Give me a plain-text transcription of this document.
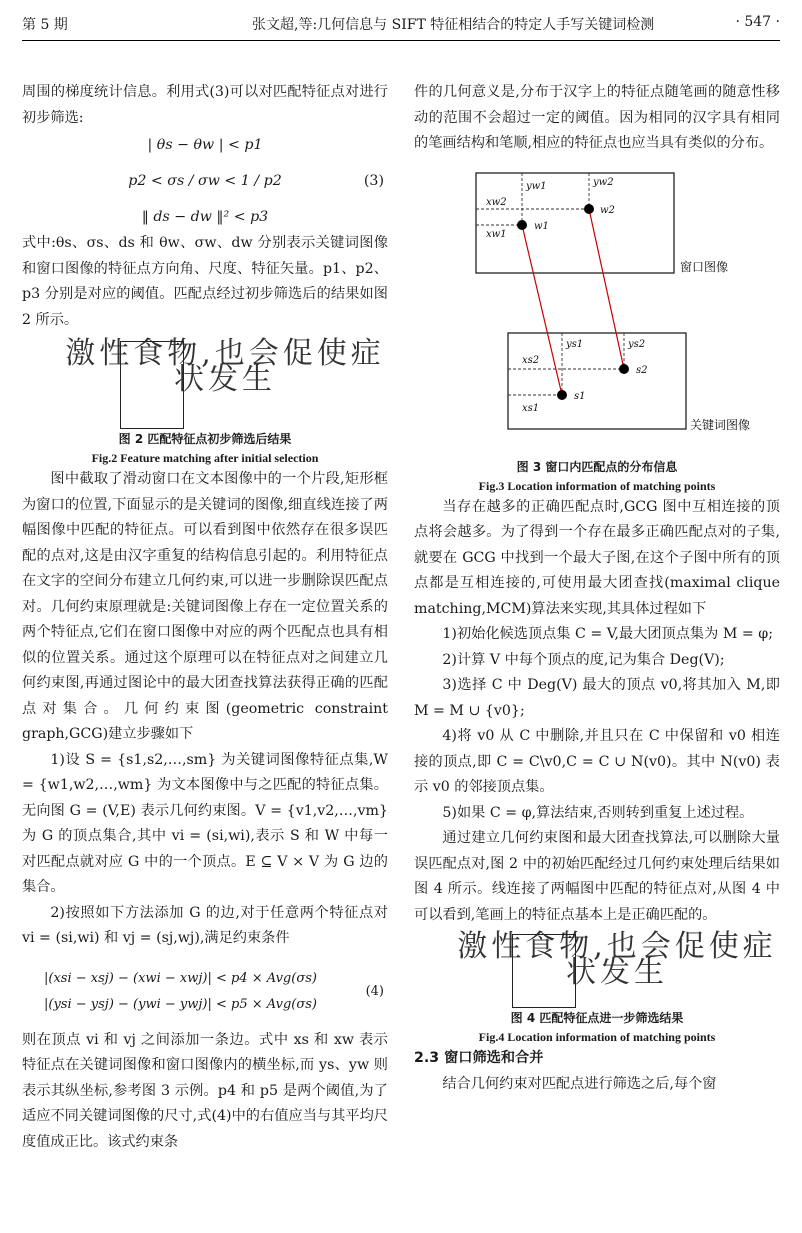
第 5 期	张文超,等:几何信息与 SIFT 特征相结合的特定人手写关键词检测	· 547 ·

周围的梯度统计信息。利用式(3)可以对匹配特征点对进行初步筛选:

| θs − θw | < p1
p2 < σs / σw < 1 / p2
‖ ds − dw ‖² < p3
(3)

式中:θs、σs、ds 和 θw、σw、dw 分别表示关键词图像和窗口图像的特征点方向角、尺度、特征矢量。p1、p2、p3 分别是对应的阈值。匹配点经过初步筛选后的结果如图 2 所示。

激性食物,也会促使症状发生
图 2 匹配特征点初步筛选后结果
Fig.2 Feature matching after initial selection

图中截取了滑动窗口在文本图像中的一个片段,矩形框为窗口的位置,下面显示的是关键词的图像,细直线连接了两幅图像中匹配的特征点。可以看到图中依然存在很多误匹配的点对,这是由汉字重复的结构信息引起的。利用特征点在文字的空间分布建立几何约束,可以进一步删除误匹配点对。几何约束原理就是:关键词图像上存在一定位置关系的两个特征点,它们在窗口图像中对应的两个匹配点也具有相似的位置关系。通过这个原理可以在特征点对之间建立几何约束图,再通过图论中的最大团查找算法获得正确的匹配点对集合。几何约束图(geometric constraint graph,GCG)建立步骤如下

1)设 S = {s1,s2,…,sm} 为关键词图像特征点集,W = {w1,w2,…,wm} 为文本图像中与之匹配的特征点集。无向图 G = (V,E) 表示几何约束图。V = {v1,v2,…,vm} 为 G 的顶点集合,其中 vi = (si,wi),表示 S 和 W 中每一对匹配点就对应 G 中的一个顶点。E ⊆ V × V 为 G 边的集合。

2)按照如下方法添加 G 的边,对于任意两个特征点对 vi = (si,wi) 和 vj = (sj,wj),满足约束条件

|(xsi − xsj) − (xwi − xwj)| < p4 × Avg(σs)
|(ysi − ysj) − (ywi − ywj)| < p5 × Avg(σs)
(4)

则在顶点 vi 和 vj 之间添加一条边。式中 xs 和 xw 表示特征点在关键词图像和窗口图像内的横坐标,而 ys、yw 则表示其纵坐标,参考图 3 示例。p4 和 p5 是两个阈值,为了适应不同关键词图像的尺寸,式(4)中的右值应当与其平均尺度值成正比。该式约束条

件的几何意义是,分布于汉字上的特征点随笔画的随意性移动的范围不会超过一定的阈值。因为相同的汉字具有相同的笔画结构和笔顺,相应的特征点也应当具有类似的分布。

w1
w2
s1
s2
xw2
xw1
yw1	yw2
xs2
xs1
ys1	ys2
窗口图像
关键词图像
图 3 窗口内匹配点的分布信息
Fig.3 Location information of matching points

当存在越多的正确匹配点时,GCG 图中互相连接的顶点将会越多。为了得到一个存在最多正确匹配点对的子集,就要在 GCG 中找到一个最大子图,在这个子图中所有的顶点都是互相连接的,可使用最大团查找(maximal clique matching,MCM)算法来实现,其具体过程如下

1)初始化候选顶点集 C = V,最大团顶点集为 M = φ;

2)计算 V 中每个顶点的度,记为集合 Deg(V);

3)选择 C 中 Deg(V) 最大的顶点 v0,将其加入 M,即 M = M ∪ {v0};

4)将 v0 从 C 中删除,并且只在 C 中保留和 v0 相连接的顶点,即 C = C\v0,C = C ∪ N(v0)。其中 N(v0) 表示 v0 的邻接顶点集。

5)如果 C = φ,算法结束,否则转到重复上述过程。

通过建立几何约束图和最大团查找算法,可以删除大量误匹配点对,图 2 中的初始匹配经过几何约束处理后结果如图 4 所示。线连接了两幅图中匹配的特征点对,从图 4 中可以看到,笔画上的特征点基本上是正确匹配的。

激性食物,也会促使症状发生
图 4 匹配特征点进一步筛选结果
Fig.4 Location information of matching points

2.3 窗口筛选和合并

结合几何约束对匹配点进行筛选之后,每个窗
